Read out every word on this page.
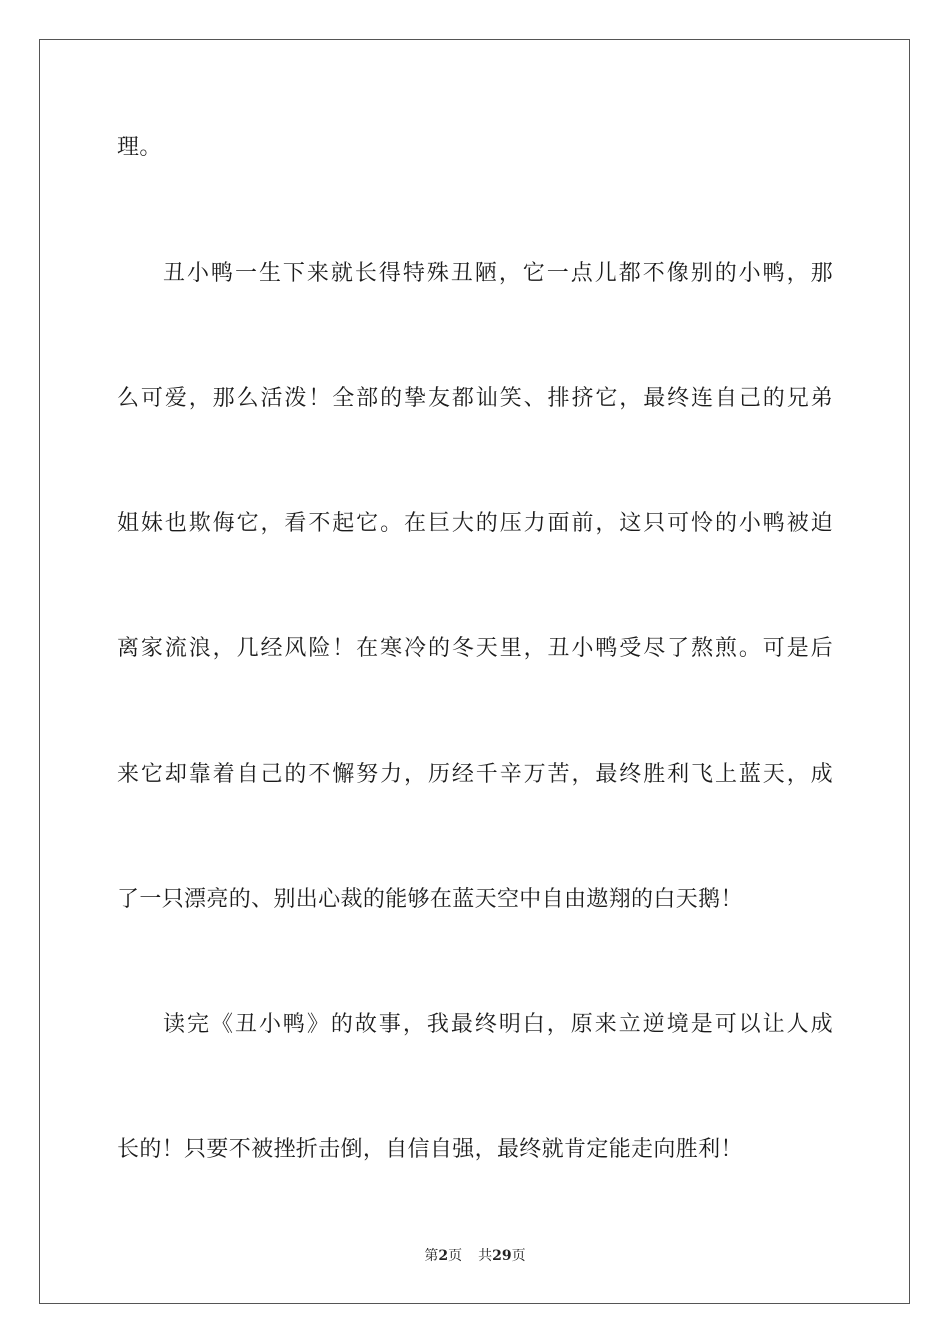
理。
丑小鸭一生下来就长得特殊丑陋，它一点儿都不像别的小鸭，那
么可爱，那么活泼！全部的挚友都讪笑、排挤它，最终连自己的兄弟
姐妹也欺侮它，看不起它。在巨大的压力面前，这只可怜的小鸭被迫
离家流浪，几经风险！在寒冷的冬天里，丑小鸭受尽了熬煎。可是后
来它却靠着自己的不懈努力，历经千辛万苦，最终胜利飞上蓝天，成
了一只漂亮的、别出心裁的能够在蓝天空中自由遨翔的白天鹅！
读完《丑小鸭》的故事，我最终明白，原来立逆境是可以让人成
长的！只要不被挫折击倒，自信自强，最终就肯定能走向胜利！
第2页 共29页
